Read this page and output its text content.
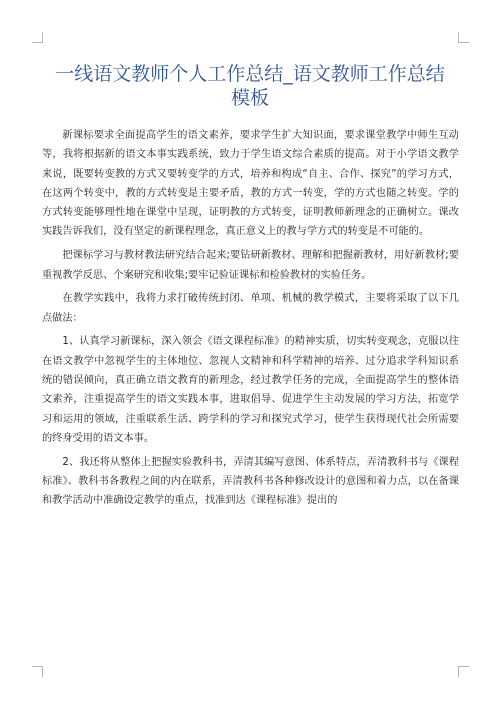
一线语文教师个人工作总结_语文教师工作总结模板

新课标要求全面提高学生的语文素养，要求学生扩大知识面，要求课堂教学中师生互动等，我将根据新的语文本事实践系统，致力于学生语文综合素质的提高。对于小学语文教学来说，既要转变教的方式又要转变学的方式，培养和构成“自主、合作、探究”的学习方式，在这两个转变中，教的方式转变是主要矛盾，教的方式一转变，学的方式也随之转变。学的方式转变能够理性地在课堂中呈现，证明教的方式转变，证明教师新理念的正确树立。课改实践告诉我们，没有坚定的新课程理念，真正意义上的教与学方式的转变是不可能的。

把课标学习与教材教法研究结合起来;要钻研新教材、理解和把握新教材，用好新教材;要重视教学反思、个案研究和收集;要牢记验证课标和检验教材的实验任务。

在教学实践中，我将力求打破传统封闭、单项、机械的教学模式，主要将采取了以下几点做法：

1、认真学习新课标，深入领会《语文课程标准》的精神实质，切实转变观念，克服以往在语文教学中忽视学生的主体地位、忽视人文精神和科学精神的培养、过分追求学科知识系统的错误倾向，真正确立语文教育的新理念，经过教学任务的完成，全面提高学生的整体语文素养，注重提高学生的语文实践本事，进取倡导、促进学生主动发展的学习方法，拓宽学习和运用的领域，注重联系生活、跨学科的学习和探究式学习，使学生获得现代社会所需要的终身受用的语文本事。

2、我还将从整体上把握实验教科书，弄清其编写意图、体系特点，弄清教科书与《课程标准》、教科书各教程之间的内在联系，弄清教科书各种修改设计的意图和着力点，以在备课和教学活动中准确设定教学的重点，找准到达《课程标准》提出的
